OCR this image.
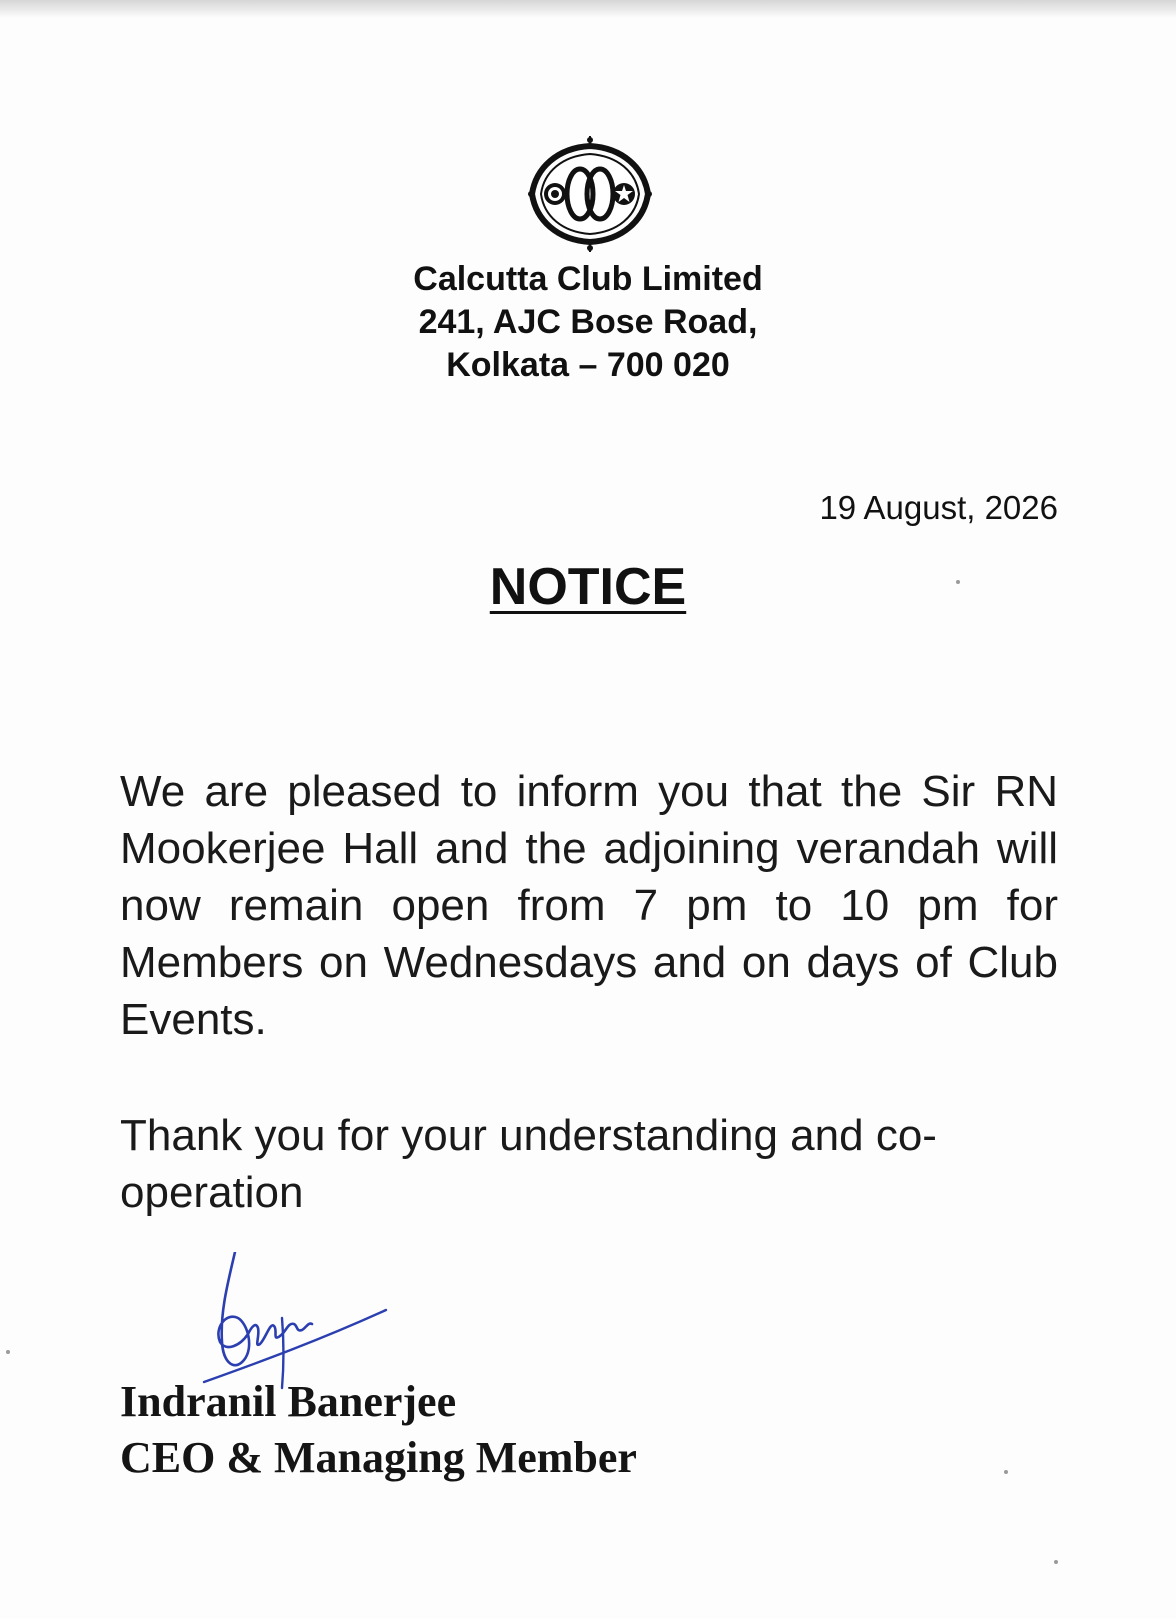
Calcutta Club Limited
241, AJC Bose Road,
Kolkata – 700 020
19 August, 2026
NOTICE

We are pleased to inform you that the Sir RN Mookerjee Hall and the adjoining verandah will now remain open from 7 pm to 10 pm for Members on Wednesdays and on days of Club Events.

Thank you for your understanding and co-operation

Indranil Banerjee
CEO & Managing Member
